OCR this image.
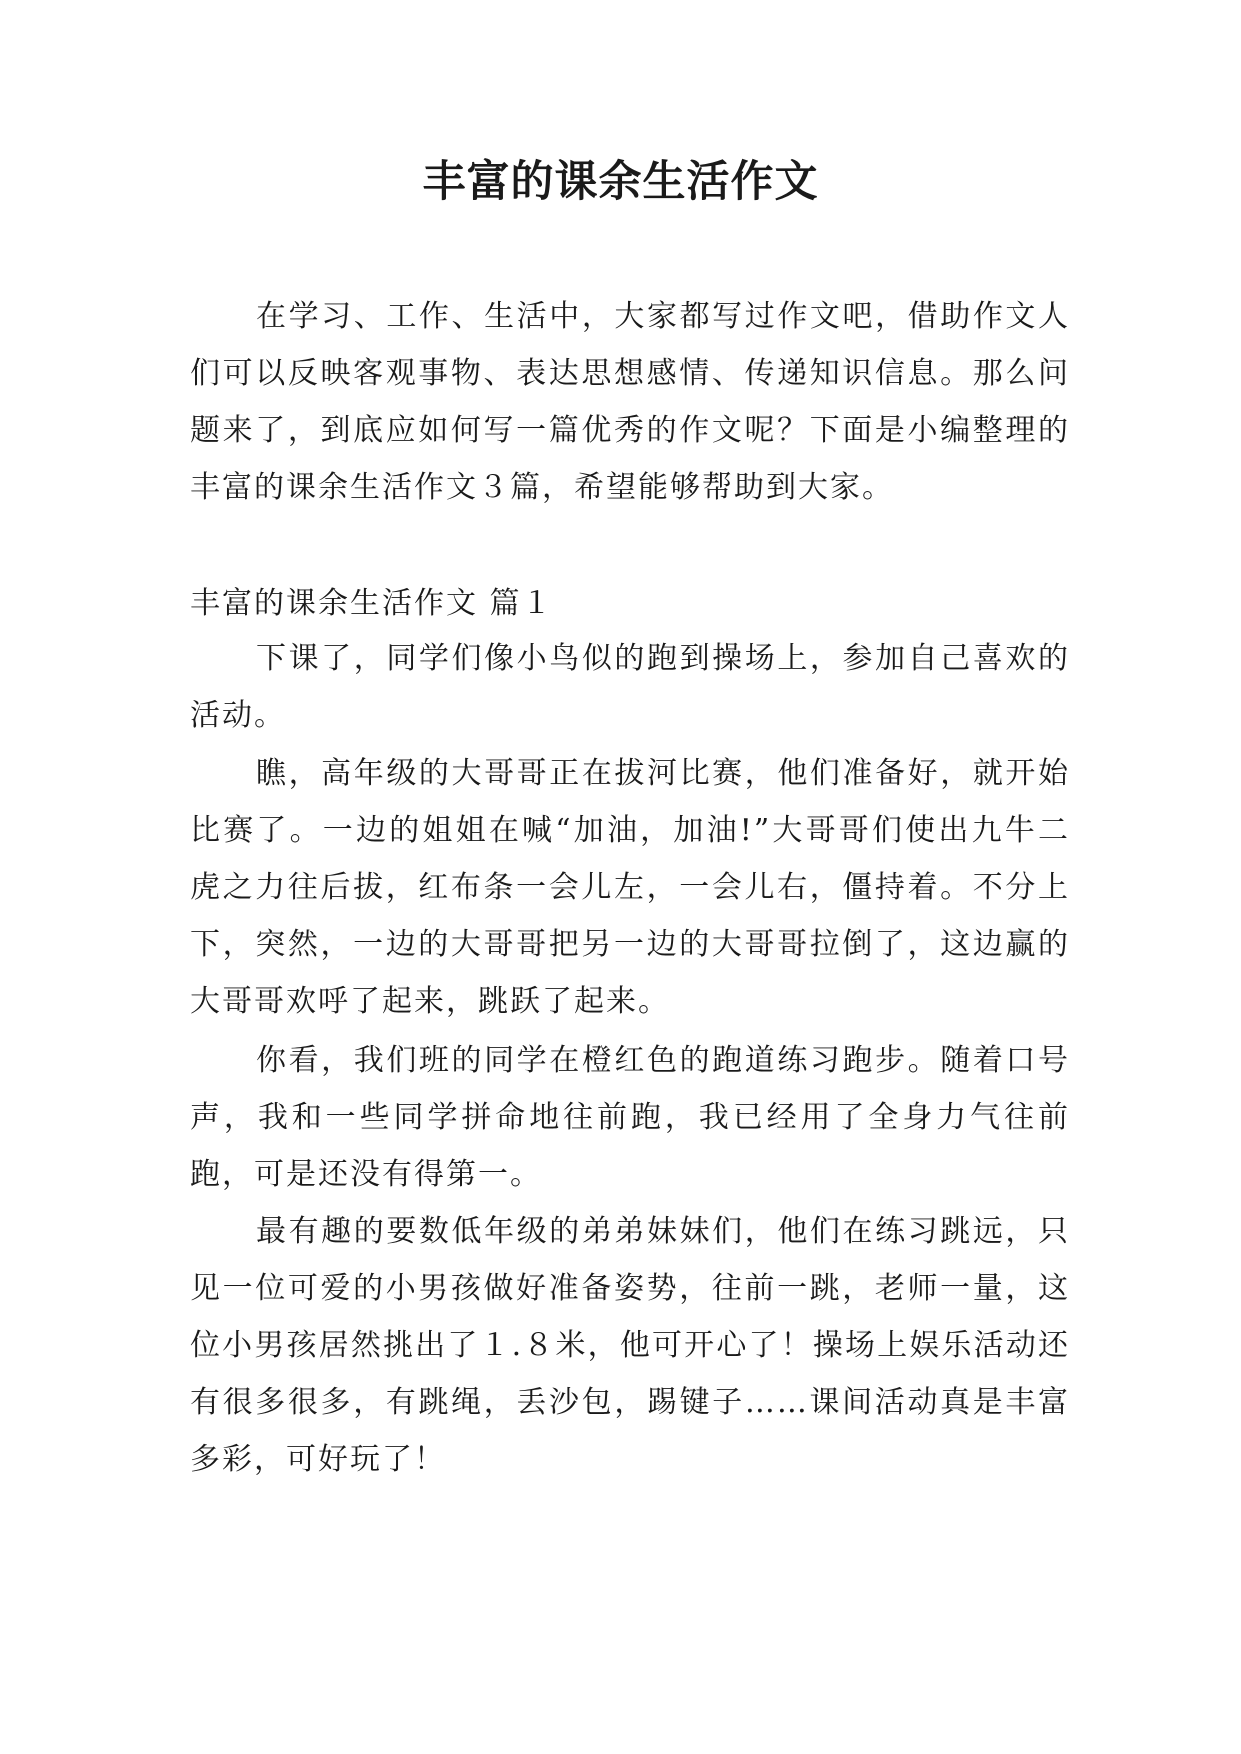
丰富的课余生活作文

在学习、工作、生活中，大家都写过作文吧，借助作文人们可以反映客观事物、表达思想感情、传递知识信息。那么问题来了，到底应如何写一篇优秀的作文呢？下面是小编整理的丰富的课余生活作文３篇，希望能够帮助到大家。

丰富的课余生活作文 篇１

下课了，同学们像小鸟似的跑到操场上，参加自己喜欢的活动。

瞧，高年级的大哥哥正在拔河比赛，他们准备好，就开始比赛了。一边的姐姐在喊“加油，加油!”大哥哥们使出九牛二虎之力往后拔，红布条一会儿左，一会儿右，僵持着。不分上下，突然，一边的大哥哥把另一边的大哥哥拉倒了，这边赢的大哥哥欢呼了起来，跳跃了起来。

你看，我们班的同学在橙红色的跑道练习跑步。随着口号声，我和一些同学拼命地往前跑，我已经用了全身力气往前跑，可是还没有得第一。

最有趣的要数低年级的弟弟妹妹们，他们在练习跳远，只见一位可爱的小男孩做好准备姿势，往前一跳，老师一量，这位小男孩居然挑出了１.８米，他可开心了！操场上娱乐活动还有很多很多，有跳绳，丢沙包，踢键子……课间活动真是丰富多彩，可好玩了！
